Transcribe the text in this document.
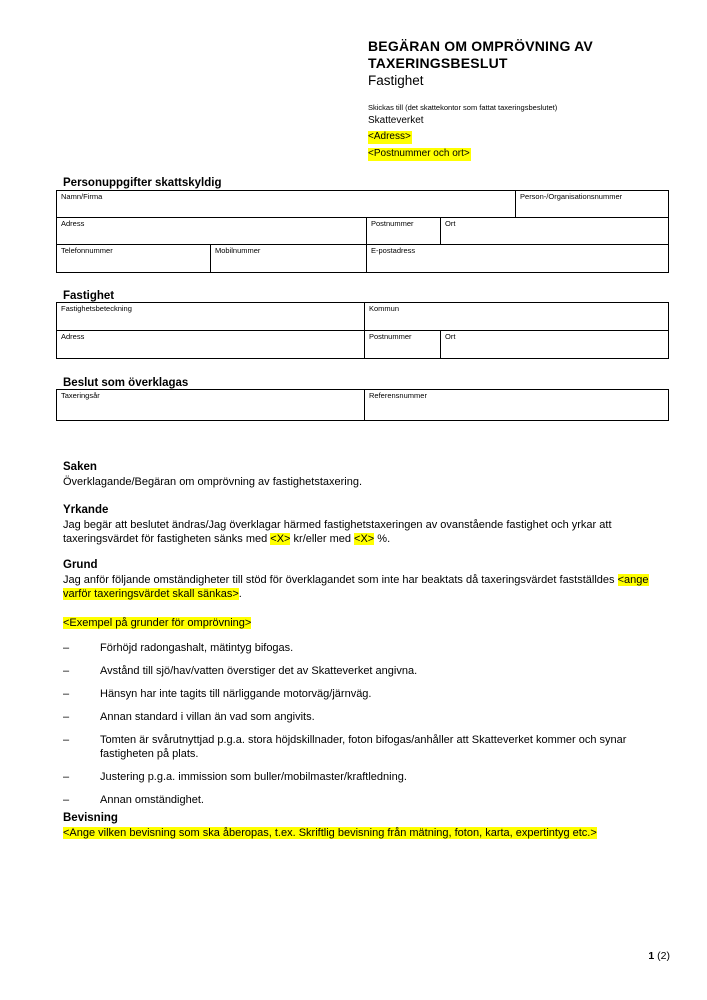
BEGÄRAN OM OMPRÖVNING AV
TAXERINGSBESLUT
Fastighet
Skickas till (det skattekontor som fattat taxeringsbeslutet)
Skatteverket
<Adress>
<Postnummer och ort>
Personuppgifter skattskyldig
Namn/Firma				Person-/Organisationsnummer

Adress		Postnummer	Ort	

Telefonnummer	Mobilnummer	E-postadress		
Fastighet
Fastighetsbeteckning	Kommun	

Adress	Postnummer	Ort
Beslut som överklagas
Taxeringsår	Referensnummer
Saken

Överklagande/Begäran om omprövning av fastighetstaxering.

Yrkande

Jag begär att beslutet ändras/Jag överklagar härmed fastighetstaxeringen av ovanstående fastighet och yrkar att taxeringsvärdet för fastigheten sänks med <X> kr/eller med <X> %.

Grund

Jag anför följande omständigheter till stöd för överklagandet som inte har beaktats då taxeringsvärdet fastställdes <ange varför taxeringsvärdet skall sänkas>.

<Exempel på grunder för omprövning>
–	Förhöjd radongashalt, mätintyg bifogas.
–	Avstånd till sjö/hav/vatten överstiger det av Skatteverket angivna.
–	Hänsyn har inte tagits till närliggande motorväg/järnväg.
–	Annan standard i villan än vad som angivits.
–	Tomten är svårutnyttjad p.g.a. stora höjdskillnader, foton bifogas/anhåller att Skatteverket kommer och synar fastigheten på plats.
–	Justering p.g.a. immission som buller/mobilmaster/kraftledning.
–	Annan omständighet.
Bevisning

<Ange vilken bevisning som ska åberopas, t.ex. Skriftlig bevisning från mätning, foton, karta, expertintyg etc.>

1 (2)
